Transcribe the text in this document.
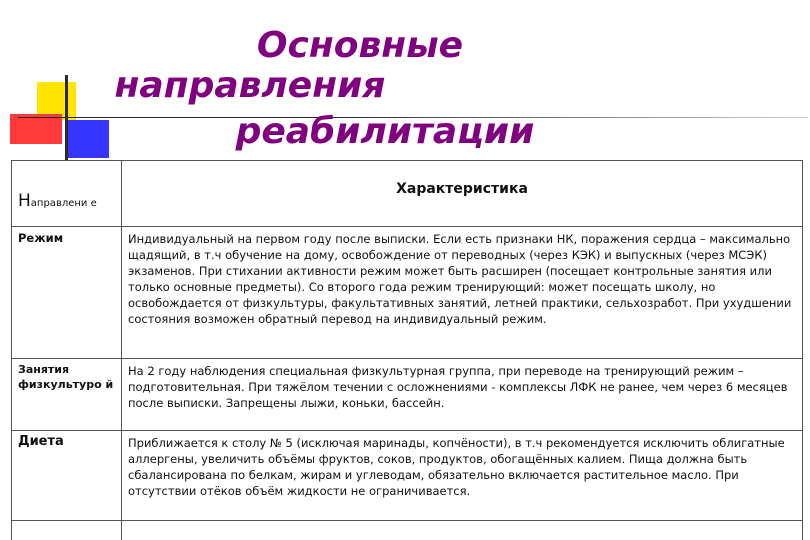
Основные
направления
реабилитации
Направлени е	Характеристика
Режим	Индивидуальный на первом году после выписки. Если есть признаки НК, поражения сердца – максимально щадящий, в т.ч обучение на дому, освобождение от переводных (через КЭК) и выпускных (через МСЭК) экзаменов. При стихании активности режим может быть расширен (посещает контрольные занятия или только основные предметы). Со второго года режим тренирующий: может посещать школу, но освобождается от физкультуры, факультативных занятий, летней практики, сельхозработ. При ухудшении состояния возможен обратный перевод на индивидуальный режим.
Занятия физкультуро й	На 2 году наблюдения специальная физкультурная группа, при переводе на тренирующий режим – подготовительная. При тяжёлом течении с осложнениями - комплексы ЛФК не ранее, чем через 6 месяцев после выписки. Запрещены лыжи, коньки, бассейн.
Диета	Приближается к столу № 5 (исключая маринады, копчёности), в т.ч рекомендуется исключить облигатные аллергены, увеличить объёмы фруктов, соков, продуктов, обогащённых калием. Пища должна быть сбалансирована по белкам, жирам и углеводам, обязательно включается растительное масло. При отсутствии отёков объём жидкости не ограничивается.
